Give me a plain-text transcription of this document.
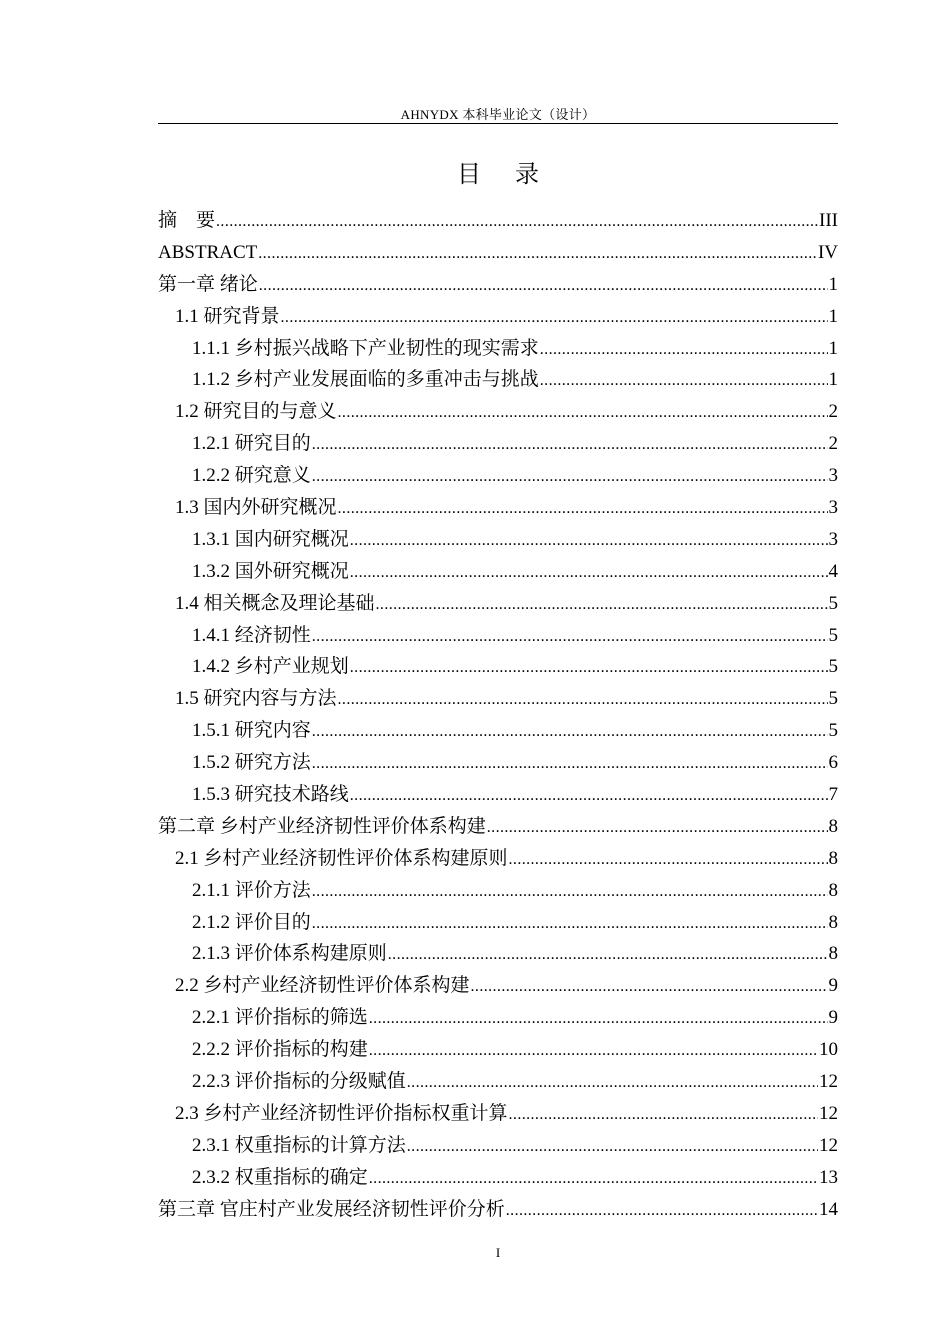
AHNYDX 本科毕业论文（设计）
目 录
摘　要 .....	III
ABSTRACT .....	IV
第一章 绪论 .....	1
1.1 研究背景 .....	1
1.1.1 乡村振兴战略下产业韧性的现实需求 .....	1
1.1.2 乡村产业发展面临的多重冲击与挑战 .....	1
1.2 研究目的与意义 .....	2
1.2.1 研究目的 .....	2
1.2.2 研究意义 .....	3
1.3 国内外研究概况 .....	3
1.3.1 国内研究概况 .....	3
1.3.2 国外研究概况 .....	4
1.4 相关概念及理论基础 .....	5
1.4.1 经济韧性 .....	5
1.4.2 乡村产业规划 .....	5
1.5 研究内容与方法 .....	5
1.5.1 研究内容 .....	5
1.5.2 研究方法 .....	6
1.5.3 研究技术路线 .....	7
第二章 乡村产业经济韧性评价体系构建 .....	8
2.1 乡村产业经济韧性评价体系构建原则 .....	8
2.1.1 评价方法 .....	8
2.1.2 评价目的 .....	8
2.1.3 评价体系构建原则 .....	8
2.2 乡村产业经济韧性评价体系构建 .....	9
2.2.1 评价指标的筛选 .....	9
2.2.2 评价指标的构建 .....	10
2.2.3 评价指标的分级赋值 .....	12
2.3 乡村产业经济韧性评价指标权重计算 .....	12
2.3.1 权重指标的计算方法 .....	12
2.3.2 权重指标的确定 .....	13
第三章 官庄村产业发展经济韧性评价分析 .....	14
I
